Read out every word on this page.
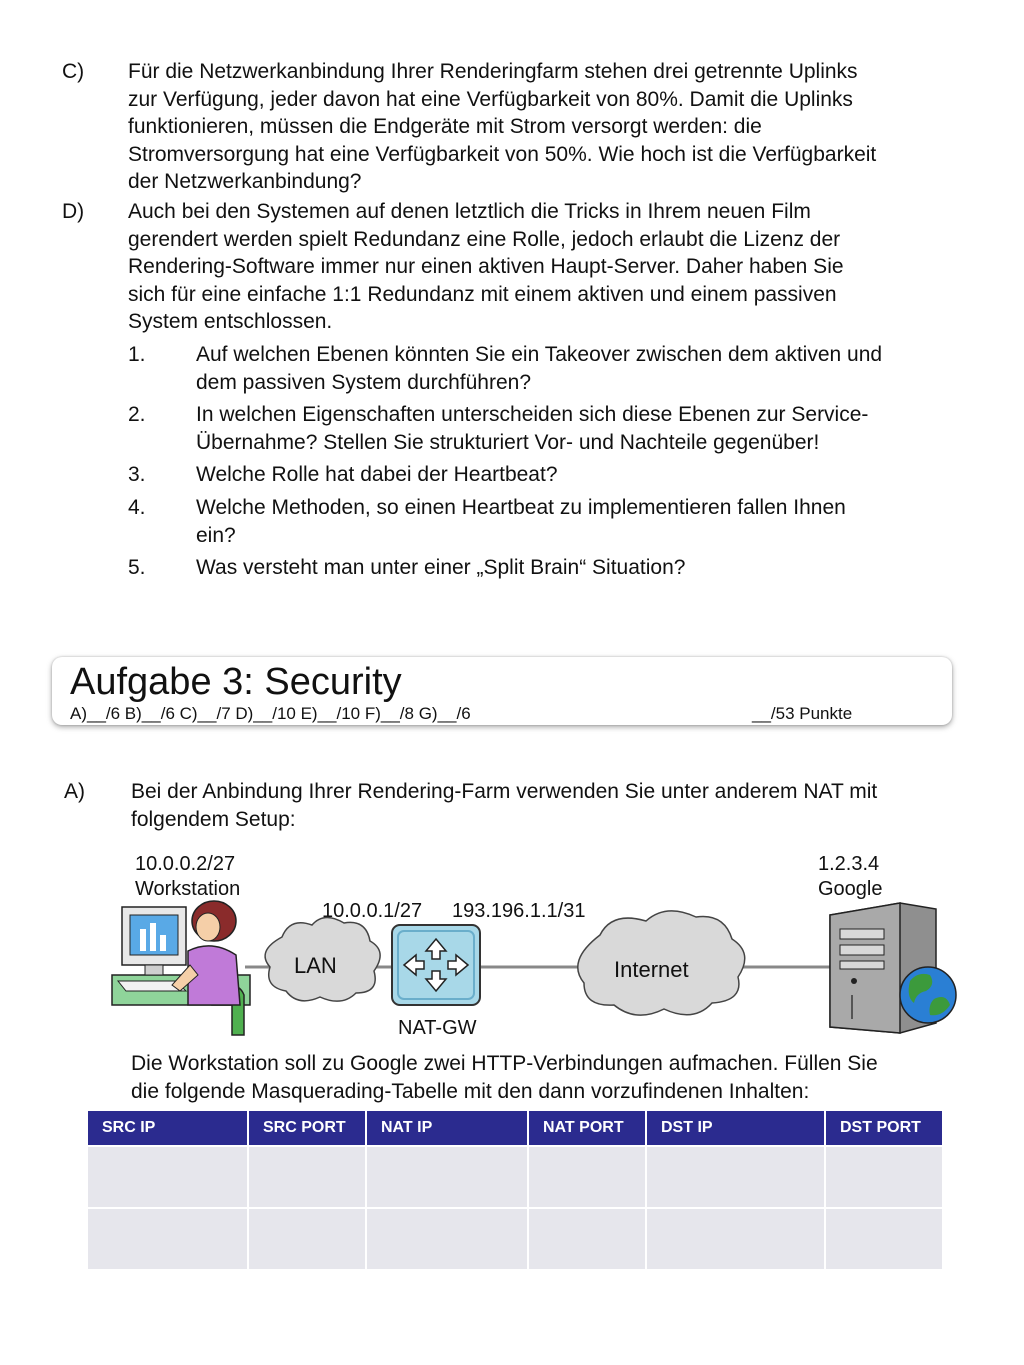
C) Für die Netzwerkanbindung Ihrer Renderingfarm stehen drei getrennte Uplinks
zur Verfügung, jeder davon hat eine Verfügbarkeit von 80%. Damit die Uplinks
funktionieren, müssen die Endgeräte mit Strom versorgt werden: die
Stromversorgung hat eine Verfügbarkeit von 50%. Wie hoch ist die Verfügbarkeit
der Netzwerkanbindung?
D) Auch bei den Systemen auf denen letztlich die Tricks in Ihrem neuen Film
gerendert werden spielt Redundanz eine Rolle, jedoch erlaubt die Lizenz der
Rendering-Software immer nur einen aktiven Haupt-Server. Daher haben Sie
sich für eine einfache 1:1 Redundanz mit einem aktiven und einem passiven
System entschlossen.
1. Auf welchen Ebenen könnten Sie ein Takeover zwischen dem aktiven und
dem passiven System durchführen?
2. In welchen Eigenschaften unterscheiden sich diese Ebenen zur Service-
Übernahme? Stellen Sie strukturiert Vor- und Nachteile gegenüber!
3. Welche Rolle hat dabei der Heartbeat?
4. Welche Methoden, so einen Heartbeat zu implementieren fallen Ihnen
ein?
5. Was versteht man unter einer „Split Brain“ Situation?
Aufgabe 3: Security
A)__/6 B)__/6 C)__/7 D)__/10 E)__/10 F)__/8 G)__/6	__/53 Punkte
A) Bei der Anbindung Ihrer Rendering-Farm verwenden Sie unter anderem NAT mit
folgendem Setup:
10.0.0.2/27
Workstation
1.2.3.4
Google
10.0.0.1/27 193.196.1.1/31
LAN	Internet
NAT-GW
Die Workstation soll zu Google zwei HTTP-Verbindungen aufmachen. Füllen Sie
die folgende Masquerading-Tabelle mit den dann vorzufindenen Inhalten:
SRC IP	SRC PORT	NAT IP	NAT PORT	DST IP	DST PORT
